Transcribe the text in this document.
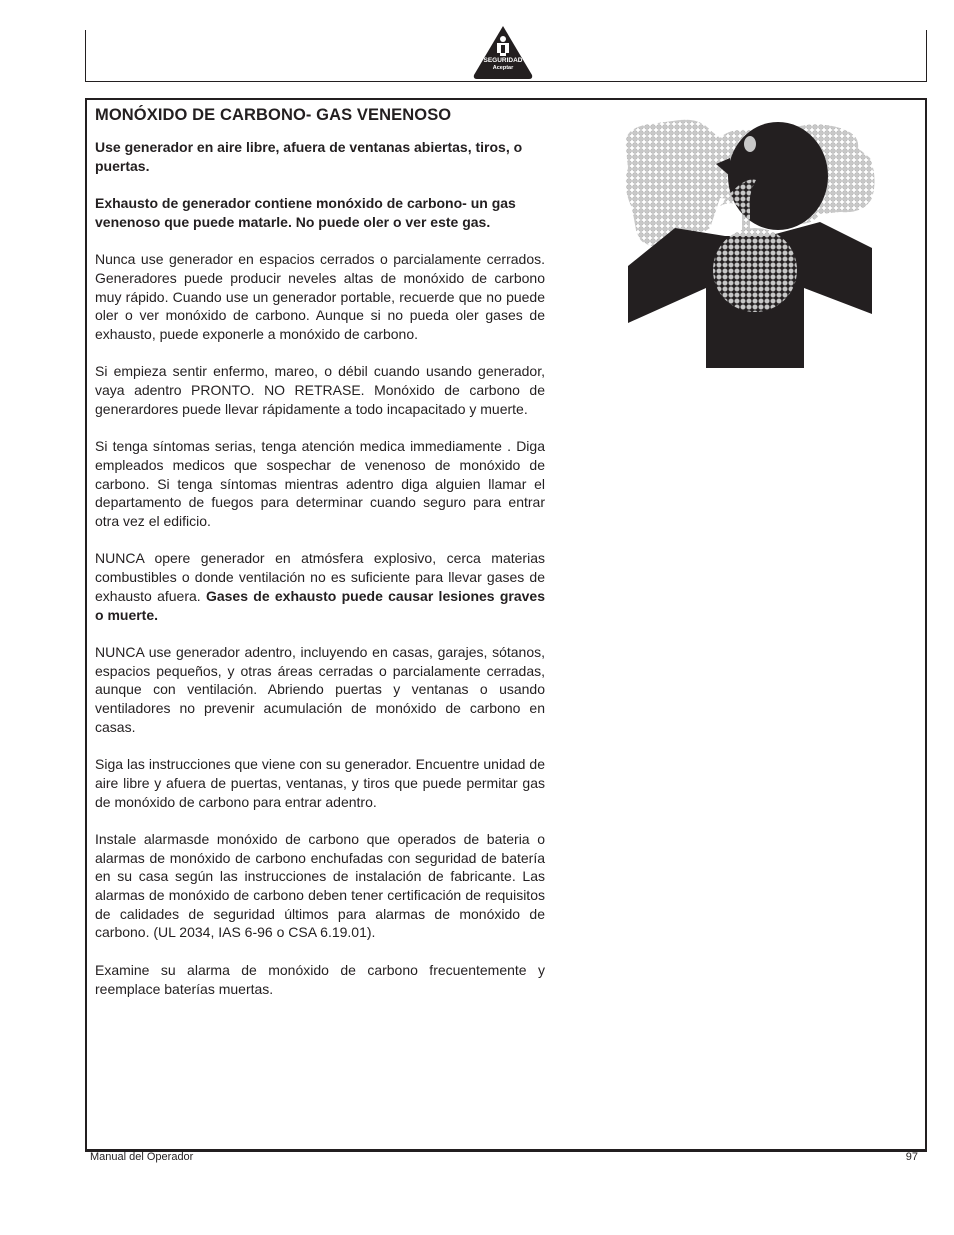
SEGURIDAD
Aceptar
MONÓXIDO DE CARBONO- GAS VENENOSO

Use generador en aire libre, afuera de ventanas abiertas, tiros, o puertas.

Exhausto de generador contiene monóxido de carbono- un gas venenoso que puede matarle. No puede oler o ver este gas.

Nunca use generador en espacios cerrados o parcialamente cerrados. Generadores puede producir neveles altas de monóxido de carbono muy rápido. Cuando use un generador portable, recuerde que no puede oler o ver monóxido de carbono. Aunque si no pueda oler gases de exhausto, puede exponerle a monóxido de carbono.

Si empieza sentir enfermo, mareo, o débil cuando usando generador, vaya adentro PRONTO. NO RETRASE. Monóxido de carbono de generardores puede llevar rápidamente a todo incapacitado y muerte.

Si tenga síntomas serias, tenga atención medica immediamente . Diga empleados medicos que sospechar de venenoso de monóxido de carbono. Si tenga síntomas mientras adentro diga alguien llamar el departamento de fuegos para determinar cuando seguro para entrar otra vez el edificio.

NUNCA opere generador en atmósfera explosivo, cerca materias combustibles o donde ventilación no es suficiente para llevar gases de exhausto afuera. Gases de exhausto puede causar lesiones graves o muerte.

NUNCA use generador adentro, incluyendo en casas, garajes, sótanos, espacios pequeños, y otras áreas cerradas o parcialamente cerradas, aunque con ventilación. Abriendo puertas y ventanas o usando ventiladores no prevenir acumulación de monóxido de carbono en casas.

Siga las instrucciones que viene con su generador. Encuentre unidad de aire libre y afuera de puertas, ventanas, y tiros que puede permitar gas de monóxido de carbono para entrar adentro.

Instale alarmasde monóxido de carbono que operados de bateria o alarmas de monóxido de carbono enchufadas con seguridad de batería en su casa según las instrucciones de instalación de fabricante. Las alarmas de monóxido de carbono deben tener certificación de requisitos de calidades de seguridad últimos para alarmas de monóxido de carbono. (UL 2034, IAS 6-96 o CSA 6.19.01).

Examine su alarma de monóxido de carbono frecuentemente y reemplace baterías muertas.

Manual del Operador	97
